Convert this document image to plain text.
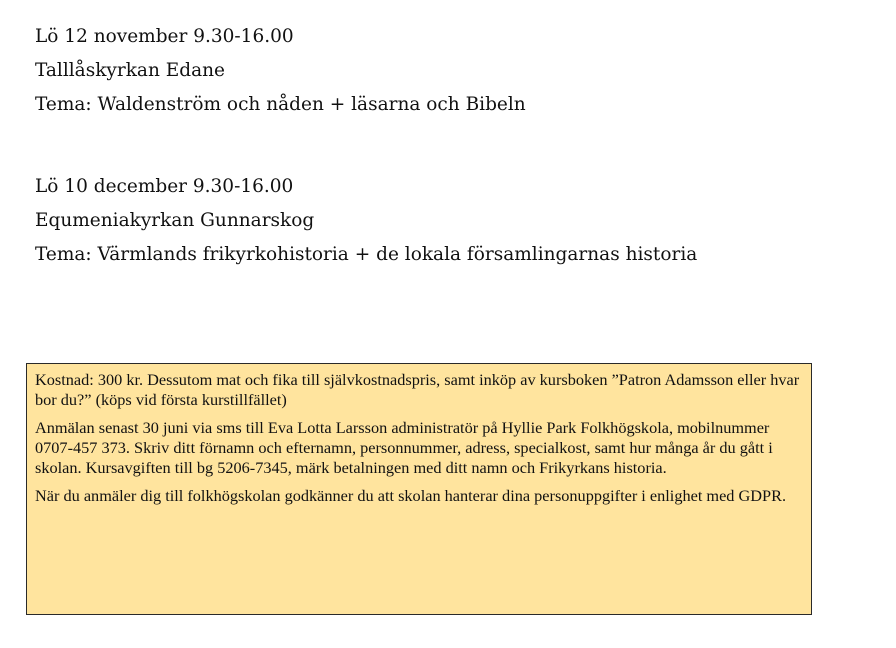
Lö 12 november 9.30-16.00
Talllåskyrkan Edane
Tema: Waldenström och nåden + läsarna och Bibeln
Lö 10 december 9.30-16.00
Equmeniakyrkan Gunnarskog
Tema: Värmlands frikyrkohistoria + de lokala församlingarnas historia

Kostnad: 300 kr. Dessutom mat och fika till självkostnadspris, samt inköp av kursboken ”Patron Adamsson eller hvar bor du?” (köps vid första kurstillfället)

Anmälan senast 30 juni via sms till Eva Lotta Larsson administratör på Hyllie Park Folkhögskola, mobilnummer 0707-457 373. Skriv ditt förnamn och efternamn, personnummer, adress, specialkost, samt hur många år du gått i skolan. Kursavgiften till bg 5206-7345, märk betalningen med ditt namn och Frikyrkans historia.

När du anmäler dig till folkhögskolan godkänner du att skolan hanterar dina personuppgifter i enlighet med GDPR.
